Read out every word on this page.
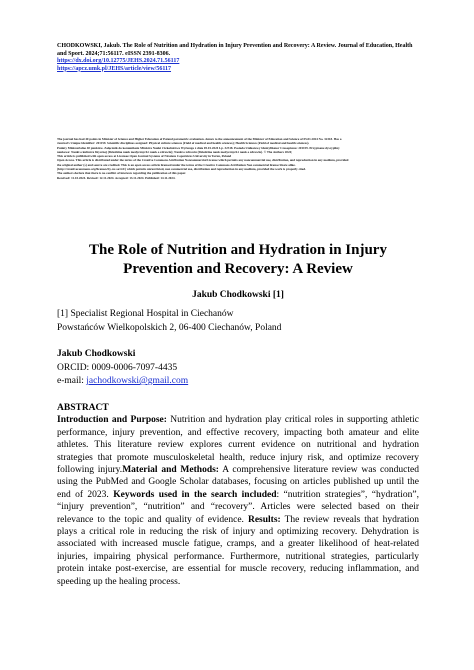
CHODKOWSKI, Jakub. The Role of Nutrition and Hydration in Injury Prevention and Recovery: A Review. Journal of Education, Health and Sport. 2024;71:56117. eISSN 2391-8306.
https://dx.doi.org/10.12775/JEHS.2024.71.56117
https://apcz.umk.pl/JEHS/article/view/56117
The journal has had 40 points in Minister of Science and Higher Education of Poland parametric evaluation. Annex to the announcement of the Minister of Education and Science of 05.01.2024 No. 32318. Has a
Journal's Unique Identifier: 201159. Scientific disciplines assigned: Physical culture sciences (Field of medical and health sciences); Health Sciences (Field of medical and health sciences).
Punkty Ministerialne 40 punktów. Załącznik do komunikatu Ministra Nauki i Szkolnictwa Wyższego z dnia 05.01.2024 Lp. 32318. Posiada Unikatowy Identyfikator Czasopisma: 201159. Przypisane dyscypliny
naukowe: Nauki o kulturze fizycznej (Dziedzina nauk medycznych i nauk o zdrowiu); Nauki o zdrowiu (Dziedzina nauk medycznych i nauk o zdrowiu). © The Authors 2024;
This article is published with open access at Licensee Open Journal Systems of Nicolaus Copernicus University in Torun, Poland
Open Access. This article is distributed under the terms of the Creative Commons Attribution Noncommercial License which permits any noncommercial use, distribution, and reproduction in any medium, provided
the original author (s) and source are credited. This is an open access article licensed under the terms of the Creative Commons Attribution Non commercial license Share alike.
(http://creativecommons.org/licenses/by-nc-sa/4.0/) which permits unrestricted, non commercial use, distribution and reproduction in any medium, provided the work is properly cited.
The authors declare that there is no conflict of interests regarding the publication of this paper.
Received: 11.10.2024. Revised: 12.11.2024. Accepted: 13.11.2024. Published: 14.11.2024.
The Role of Nutrition and Hydration in Injury Prevention and Recovery: A Review
Jakub Chodkowski [1]
[1] Specialist Regional Hospital in Ciechanów
Powstańców Wielkopolskich 2, 06-400 Ciechanów, Poland
Jakub Chodkowski
ORCID: 0009-0006-7097-4435
e-mail: jachodkowski@gmail.com
ABSTRACT

Introduction and Purpose: Nutrition and hydration play critical roles in supporting athletic performance, injury prevention, and effective recovery, impacting both amateur and elite athletes. This literature review explores current evidence on nutritional and hydration strategies that promote musculoskeletal health, reduce injury risk, and optimize recovery following injury.Material and Methods: A comprehensive literature review was conducted using the PubMed and Google Scholar databases, focusing on articles published up until the end of 2023. Keywords used in the search included: “nutrition strategies”, “hydration”, “injury prevention”, “nutrition” and “recovery”. Articles were selected based on their relevance to the topic and quality of evidence. Results: The review reveals that hydration plays a critical role in reducing the risk of injury and optimizing recovery. Dehydration is associated with increased muscle fatigue, cramps, and a greater likelihood of heat-related injuries, impairing physical performance. Furthermore, nutritional strategies, particularly protein intake post-exercise, are essential for muscle recovery, reducing inflammation, and speeding up the healing process.
